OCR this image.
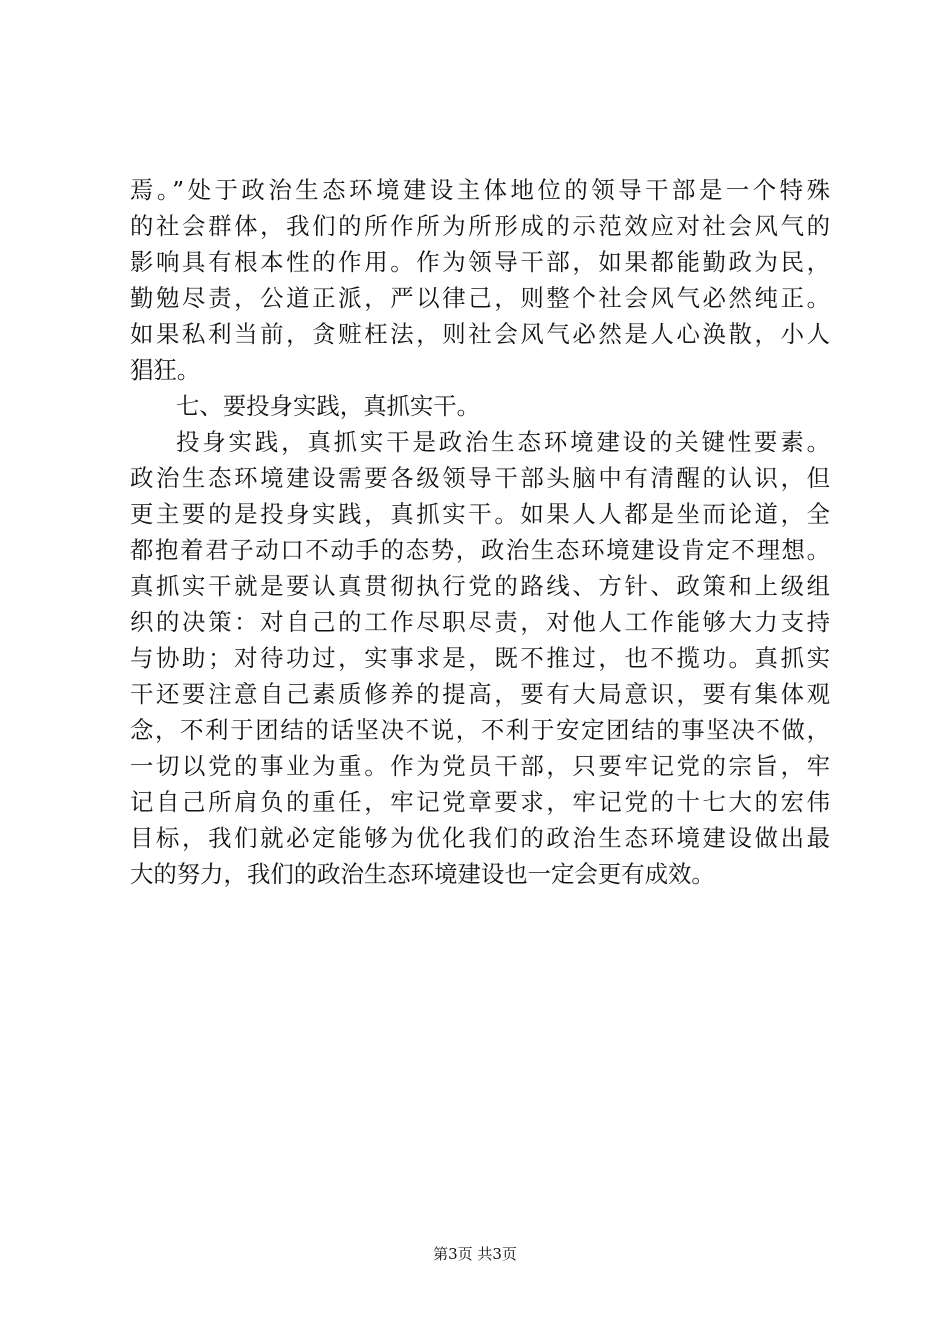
焉。”处于政治生态环境建设主体地位的领导干部是一个特殊
的社会群体，我们的所作所为所形成的示范效应对社会风气的
影响具有根本性的作用。作为领导干部，如果都能勤政为民，
勤勉尽责，公道正派，严以律己，则整个社会风气必然纯正。
如果私利当前，贪赃枉法，则社会风气必然是人心涣散，小人
猖狂。
七、要投身实践，真抓实干。
投身实践，真抓实干是政治生态环境建设的关键性要素。
政治生态环境建设需要各级领导干部头脑中有清醒的认识，但
更主要的是投身实践，真抓实干。如果人人都是坐而论道，全
都抱着君子动口不动手的态势，政治生态环境建设肯定不理想。
真抓实干就是要认真贯彻执行党的路线、方针、政策和上级组
织的决策：对自己的工作尽职尽责，对他人工作能够大力支持
与协助；对待功过，实事求是，既不推过，也不揽功。真抓实
干还要注意自己素质修养的提高，要有大局意识，要有集体观
念，不利于团结的话坚决不说，不利于安定团结的事坚决不做，
一切以党的事业为重。作为党员干部，只要牢记党的宗旨，牢
记自己所肩负的重任，牢记党章要求，牢记党的十七大的宏伟
目标，我们就必定能够为优化我们的政治生态环境建设做出最
大的努力，我们的政治生态环境建设也一定会更有成效。
第3页 共3页
